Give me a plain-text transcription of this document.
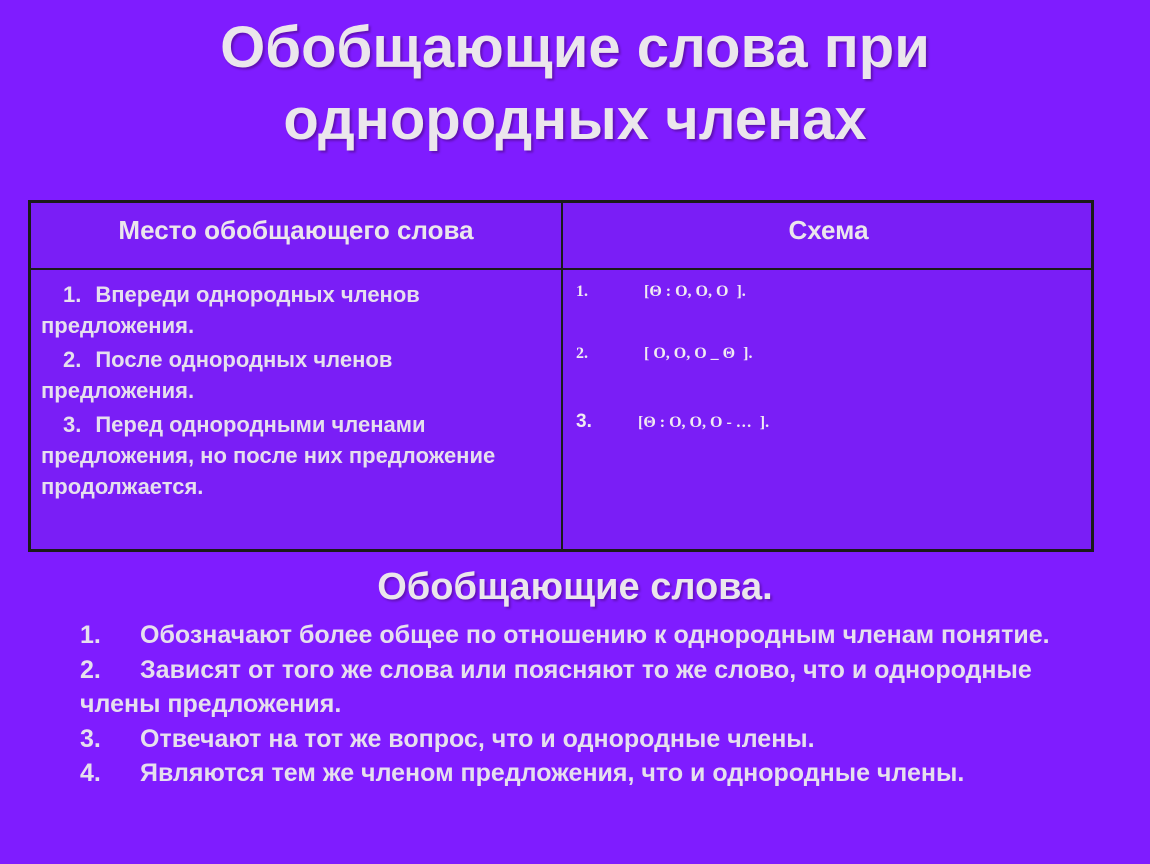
Обобщающие слова при
однородных членах
Место обобщающего слова	Схема
1. Впереди однородных членов предложения.
2. После однородных членов предложения.
3. Перед однородными членами предложения, но после них предложение продолжается.
1.	[Θ : O, O, O  ].
2.	[ O, O, O _ Θ  ].
3.	[Θ : O, O, O - …  ].
Обобщающие слова.
1. Обозначают более общее по отношению к однородным членам понятие.
2. Зависят от того же слова или поясняют то же слово, что и однородные           члены предложения.
3. Отвечают на тот же вопрос, что и однородные члены.
4. Являются тем же членом предложения, что и однородные члены.
